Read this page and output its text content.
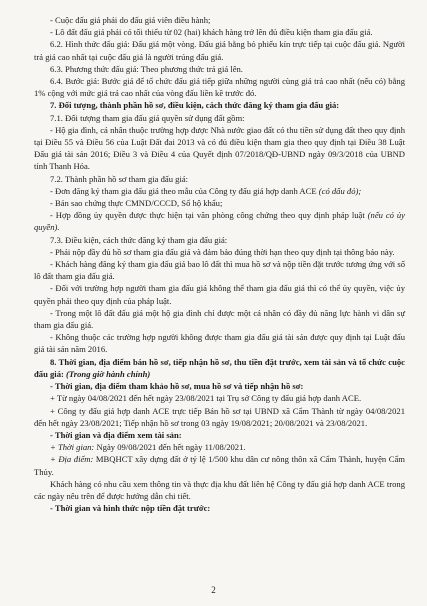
- Cuộc đấu giá phải do đấu giá viên điều hành;

- Lô đất đấu giá phải có tối thiểu từ 02 (hai) khách hàng trở lên đủ điều kiện tham gia đấu giá.

6.2. Hình thức đấu giá: Đấu giá một vòng. Đấu giá bằng bỏ phiếu kín trực tiếp tại cuộc đấu giá. Người trả giá cao nhất tại cuộc đấu giá là người trúng đấu giá.

6.3. Phương thức đấu giá: Theo phương thức trả giá lên.

6.4. Bước giá: Bước giá để tổ chức đấu giá tiếp giữa những người cùng giá trả cao nhất (nếu có) bằng 1% cộng với mức giá trả cao nhất của vòng đấu liền kề trước đó.

7. Đối tượng, thành phần hồ sơ, điều kiện, cách thức đăng ký tham gia đấu giá:

7.1. Đối tượng tham gia đấu giá quyền sử dụng đất gồm:

- Hộ gia đình, cá nhân thuộc trường hợp được Nhà nước giao đất có thu tiền sử dụng đất theo quy định tại Điều 55 và Điều 56 của Luật Đất đai 2013 và có đủ điều kiện tham gia theo quy định tại Điều 38 Luật Đấu giá tài sản 2016; Điều 3 và Điều 4 của Quyết định 07/2018/QĐ-UBND ngày 09/3/2018 của UBND tỉnh Thanh Hóa.

7.2. Thành phần hồ sơ tham gia đấu giá:

- Đơn đăng ký tham gia đấu giá theo mẫu của Công ty đấu giá hợp danh ACE (có dấu đỏ);

- Bản sao chứng thực CMND/CCCD, Sổ hộ khẩu;

- Hợp đồng ủy quyền được thực hiện tại văn phòng công chứng theo quy định pháp luật (nếu có ủy quyền).

7.3. Điều kiện, cách thức đăng ký tham gia đấu giá:

- Phải nộp đầy đủ hồ sơ tham gia đấu giá và đảm bảo đúng thời hạn theo quy định tại thông báo này.

- Khách hàng đăng ký tham gia đấu giá bao lô đất thì mua hồ sơ và nộp tiền đặt trước tương ứng với số lô đất tham gia đấu giá.

- Đối với trường hợp người tham gia đấu giá không thể tham gia đấu giá thì có thể ủy quyền, việc ủy quyền phải theo quy định của pháp luật.

- Trong một lô đất đấu giá một hộ gia đình chỉ được một cá nhân có đầy đủ năng lực hành vi dân sự tham gia đấu giá.

- Không thuộc các trường hợp người không được tham gia đấu giá tài sản được quy định tại Luật đấu giá tài sản năm 2016.

8. Thời gian, địa điểm bán hồ sơ, tiếp nhận hồ sơ, thu tiền đặt trước, xem tài sản và tổ chức cuộc đấu giá: (Trong giờ hành chính)

- Thời gian, địa điểm tham khảo hồ sơ, mua hồ sơ và tiếp nhận hồ sơ:

+ Từ ngày 04/08/2021 đến hết ngày 23/08/2021 tại Trụ sở Công ty đấu giá hợp danh ACE.

+ Công ty đấu giá hợp danh ACE trực tiếp Bán hồ sơ tại UBND xã Cẩm Thành từ ngày 04/08/2021 đến hết ngày 23/08/2021; Tiếp nhận hồ sơ trong 03 ngày 19/08/2021; 20/08/2021 và 23/08/2021.

- Thời gian và địa điểm xem tài sản:

+ Thời gian: Ngày 09/08/2021 đến hết ngày 11/08/2021.

+ Địa điểm: MBQHCT xây dựng đất ở tỷ lệ 1/500 khu dân cư nông thôn xã Cẩm Thành, huyện Cẩm Thủy.

Khách hàng có nhu cầu xem thông tin và thực địa khu đất liên hệ Công ty đấu giá hợp danh ACE trong các ngày nêu trên để được hướng dẫn chi tiết.

- Thời gian và hình thức nộp tiền đặt trước:

2
